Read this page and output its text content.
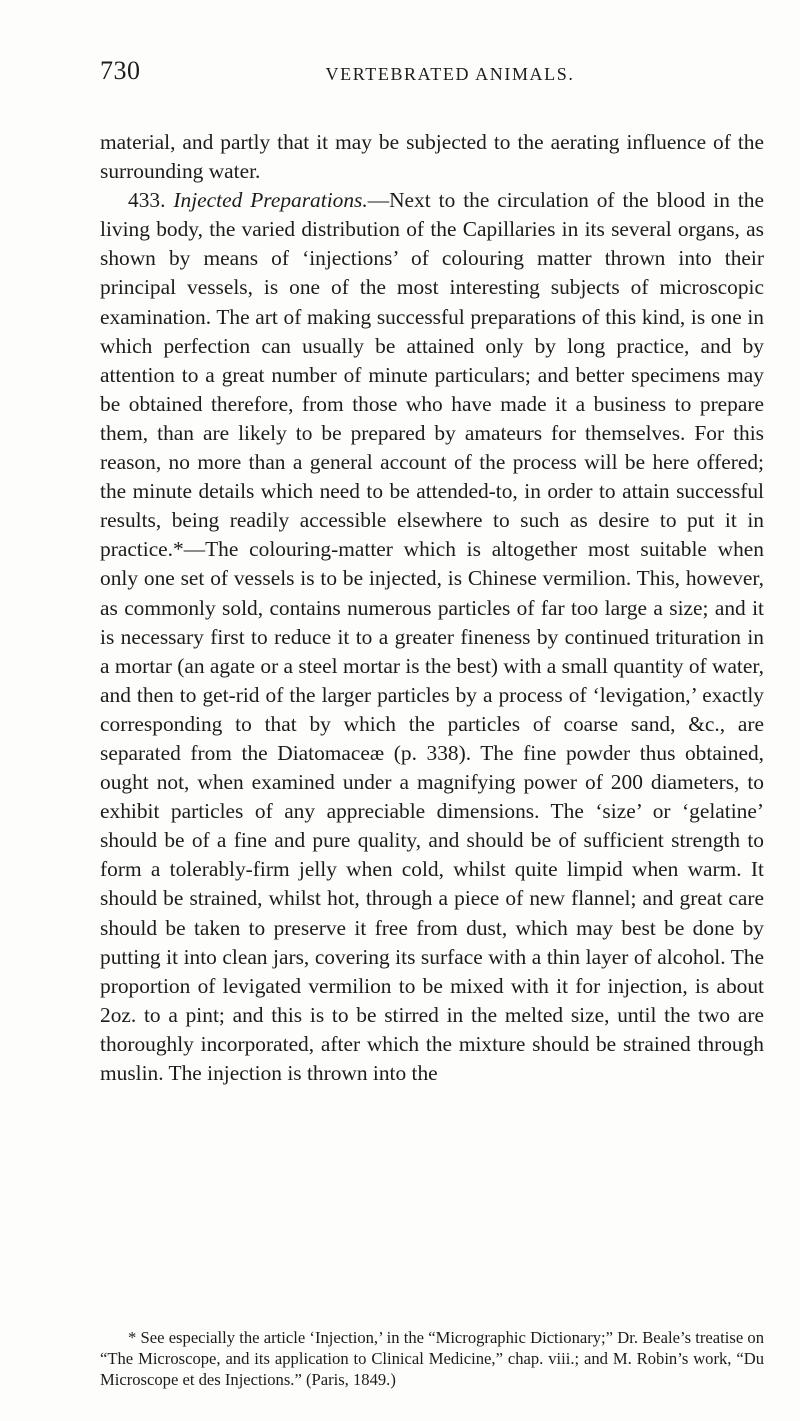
730	VERTEBRATED ANIMALS.

material, and partly that it may be subjected to the aerating influence of the surrounding water.

433. Injected Preparations.—Next to the circulation of the blood in the living body, the varied distribution of the Capillaries in its several organs, as shown by means of ‘injections’ of colouring matter thrown into their principal vessels, is one of the most interesting subjects of microscopic examination. The art of making successful preparations of this kind, is one in which perfection can usually be attained only by long practice, and by attention to a great number of minute particulars; and better specimens may be obtained therefore, from those who have made it a business to prepare them, than are likely to be prepared by amateurs for themselves. For this reason, no more than a general account of the process will be here offered; the minute details which need to be attended-to, in order to attain successful results, being readily accessible elsewhere to such as desire to put it in practice.*—The colouring-matter which is altogether most suitable when only one set of vessels is to be injected, is Chinese vermilion. This, however, as commonly sold, contains numerous particles of far too large a size; and it is necessary first to reduce it to a greater fineness by continued trituration in a mortar (an agate or a steel mortar is the best) with a small quantity of water, and then to get-rid of the larger particles by a process of ‘levigation,’ exactly corresponding to that by which the particles of coarse sand, &c., are separated from the Diatomaceæ (p. 338). The fine powder thus obtained, ought not, when examined under a magnifying power of 200 diameters, to exhibit particles of any appreciable dimensions. The ‘size’ or ‘gelatine’ should be of a fine and pure quality, and should be of sufficient strength to form a tolerably-firm jelly when cold, whilst quite limpid when warm. It should be strained, whilst hot, through a piece of new flannel; and great care should be taken to preserve it free from dust, which may best be done by putting it into clean jars, covering its surface with a thin layer of alcohol. The proportion of levigated vermilion to be mixed with it for injection, is about 2oz. to a pint; and this is to be stirred in the melted size, until the two are thoroughly incorporated, after which the mixture should be strained through muslin. The injection is thrown into the

* See especially the article ‘Injection,’ in the “Micrographic Dictionary;” Dr. Beale’s treatise on “The Microscope, and its application to Clinical Medicine,” chap. viii.; and M. Robin’s work, “Du Microscope et des Injections.” (Paris, 1849.)
